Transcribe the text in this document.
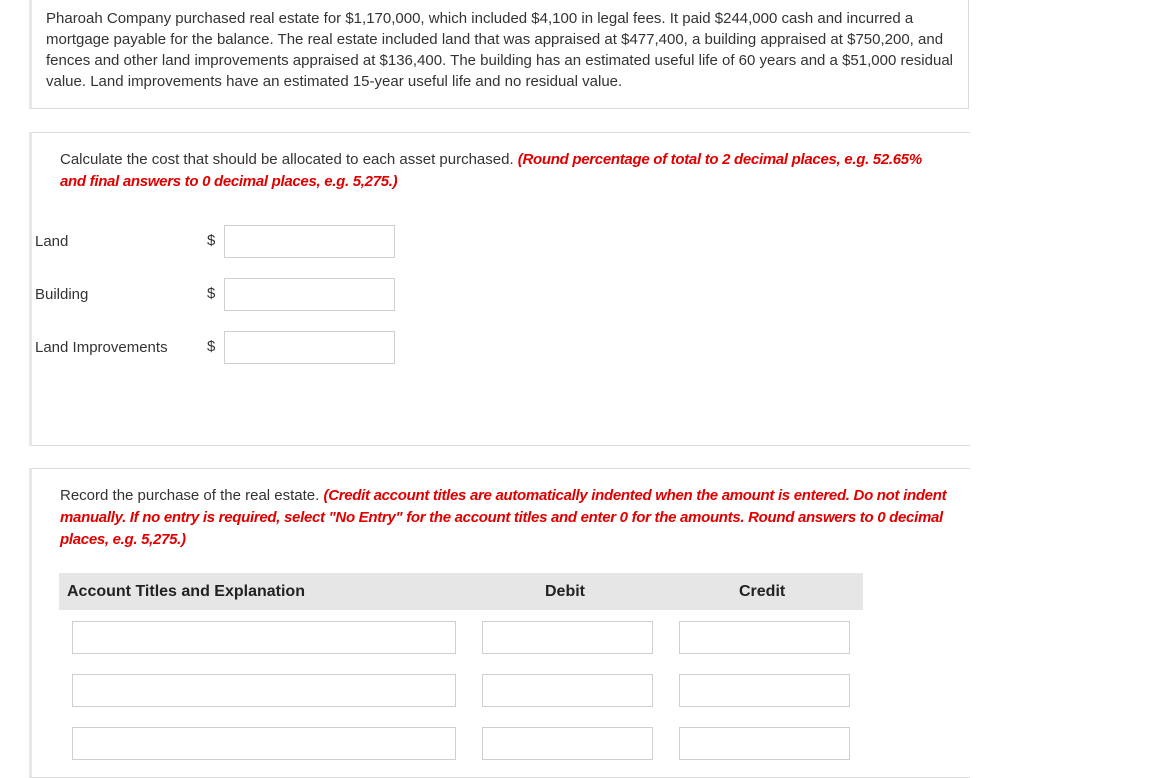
Pharoah Company purchased real estate for $1,170,000, which included $4,100 in legal fees. It paid $244,000 cash and incurred a mortgage payable for the balance. The real estate included land that was appraised at $477,400, a building appraised at $750,200, and fences and other land improvements appraised at $136,400. The building has an estimated useful life of 60 years and a $51,000 residual value. Land improvements have an estimated 15-year useful life and no residual value.
Calculate the cost that should be allocated to each asset purchased. (Round percentage of total to 2 decimal places, e.g. 52.65% and final answers to 0 decimal places, e.g. 5,275.)
Land	$
Building	$
Land Improvements	$
Record the purchase of the real estate. (Credit account titles are automatically indented when the amount is entered. Do not indent manually. If no entry is required, select "No Entry" for the account titles and enter 0 for the amounts. Round answers to 0 decimal places, e.g. 5,275.)
Account Titles and Explanation	Debit	Credit
